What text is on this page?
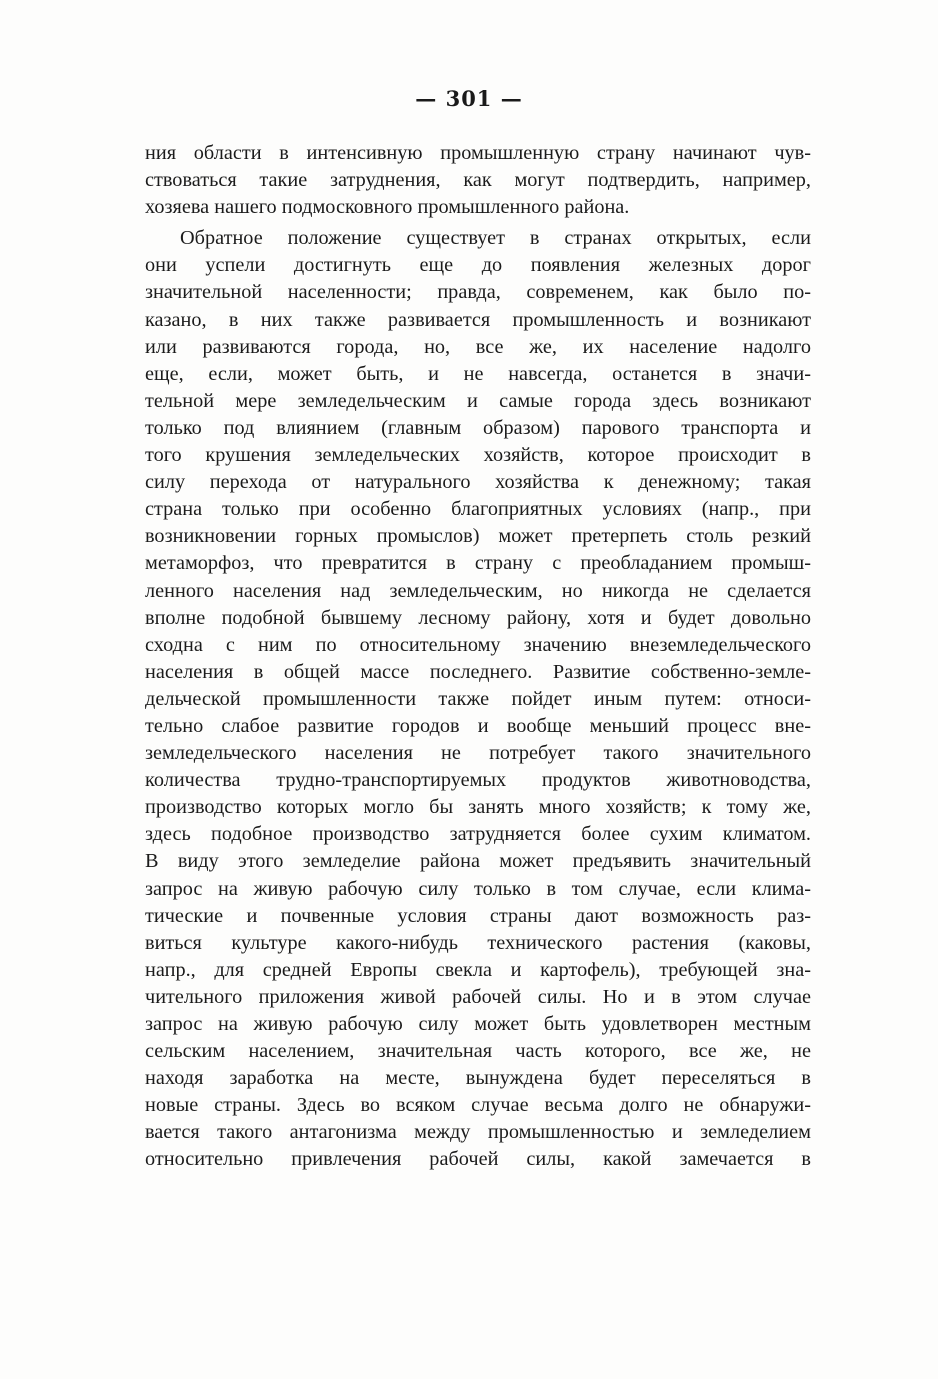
— 301 —
ния области в интенсивную промышленную страну начинают чув-
ствоваться такие затруднения, как могут подтвердить, например,
хозяева нашего подмосковного промышленного района.
Обратное положение существует в странах открытых, если
они успели достигнуть еще до появления железных дорог
значительной населенности; правда, современем, как было по-
казано, в них также развивается промышленность и возникают
или развиваются города, но, все же, их население надолго
еще, если, может быть, и не навсегда, останется в значи-
тельной мере земледельческим и самые города здесь возникают
только под влиянием (главным образом) парового транспорта и
того крушения земледельческих хозяйств, которое происходит в
силу перехода от натурального хозяйства к денежному; такая
страна только при особенно благоприятных условиях (напр., при
возникновении горных промыслов) может претерпеть столь резкий
метаморфоз, что превратится в страну с преобладанием промыш-
ленного населения над земледельческим, но никогда не сделается
вполне подобной бывшему лесному району, хотя и будет довольно
сходна с ним по относительному значению внеземледельческого
населения в общей массе последнего. Развитие собственно-земле-
дельческой промышленности также пойдет иным путем: относи-
тельно слабое развитие городов и вообще меньший процесс вне-
земледельческого населения не потребует такого значительного
количества трудно-транспортируемых продуктов животноводства,
производство которых могло бы занять много хозяйств; к тому же,
здесь подобное производство затрудняется более сухим климатом.
В виду этого земледелие района может предъявить значительный
запрос на живую рабочую силу только в том случае, если клима-
тические и почвенные условия страны дают возможность раз-
виться культуре какого-нибудь технического растения (каковы,
напр., для средней Европы свекла и картофель), требующей зна-
чительного приложения живой рабочей силы. Но и в этом случае
запрос на живую рабочую силу может быть удовлетворен местным
сельским населением, значительная часть которого, все же, не
находя заработка на месте, вынуждена будет переселяться в
новые страны. Здесь во всяком случае весьма долго не обнаружи-
вается такого антагонизма между промышленностью и земледелием
относительно привлечения рабочей силы, какой замечается в
